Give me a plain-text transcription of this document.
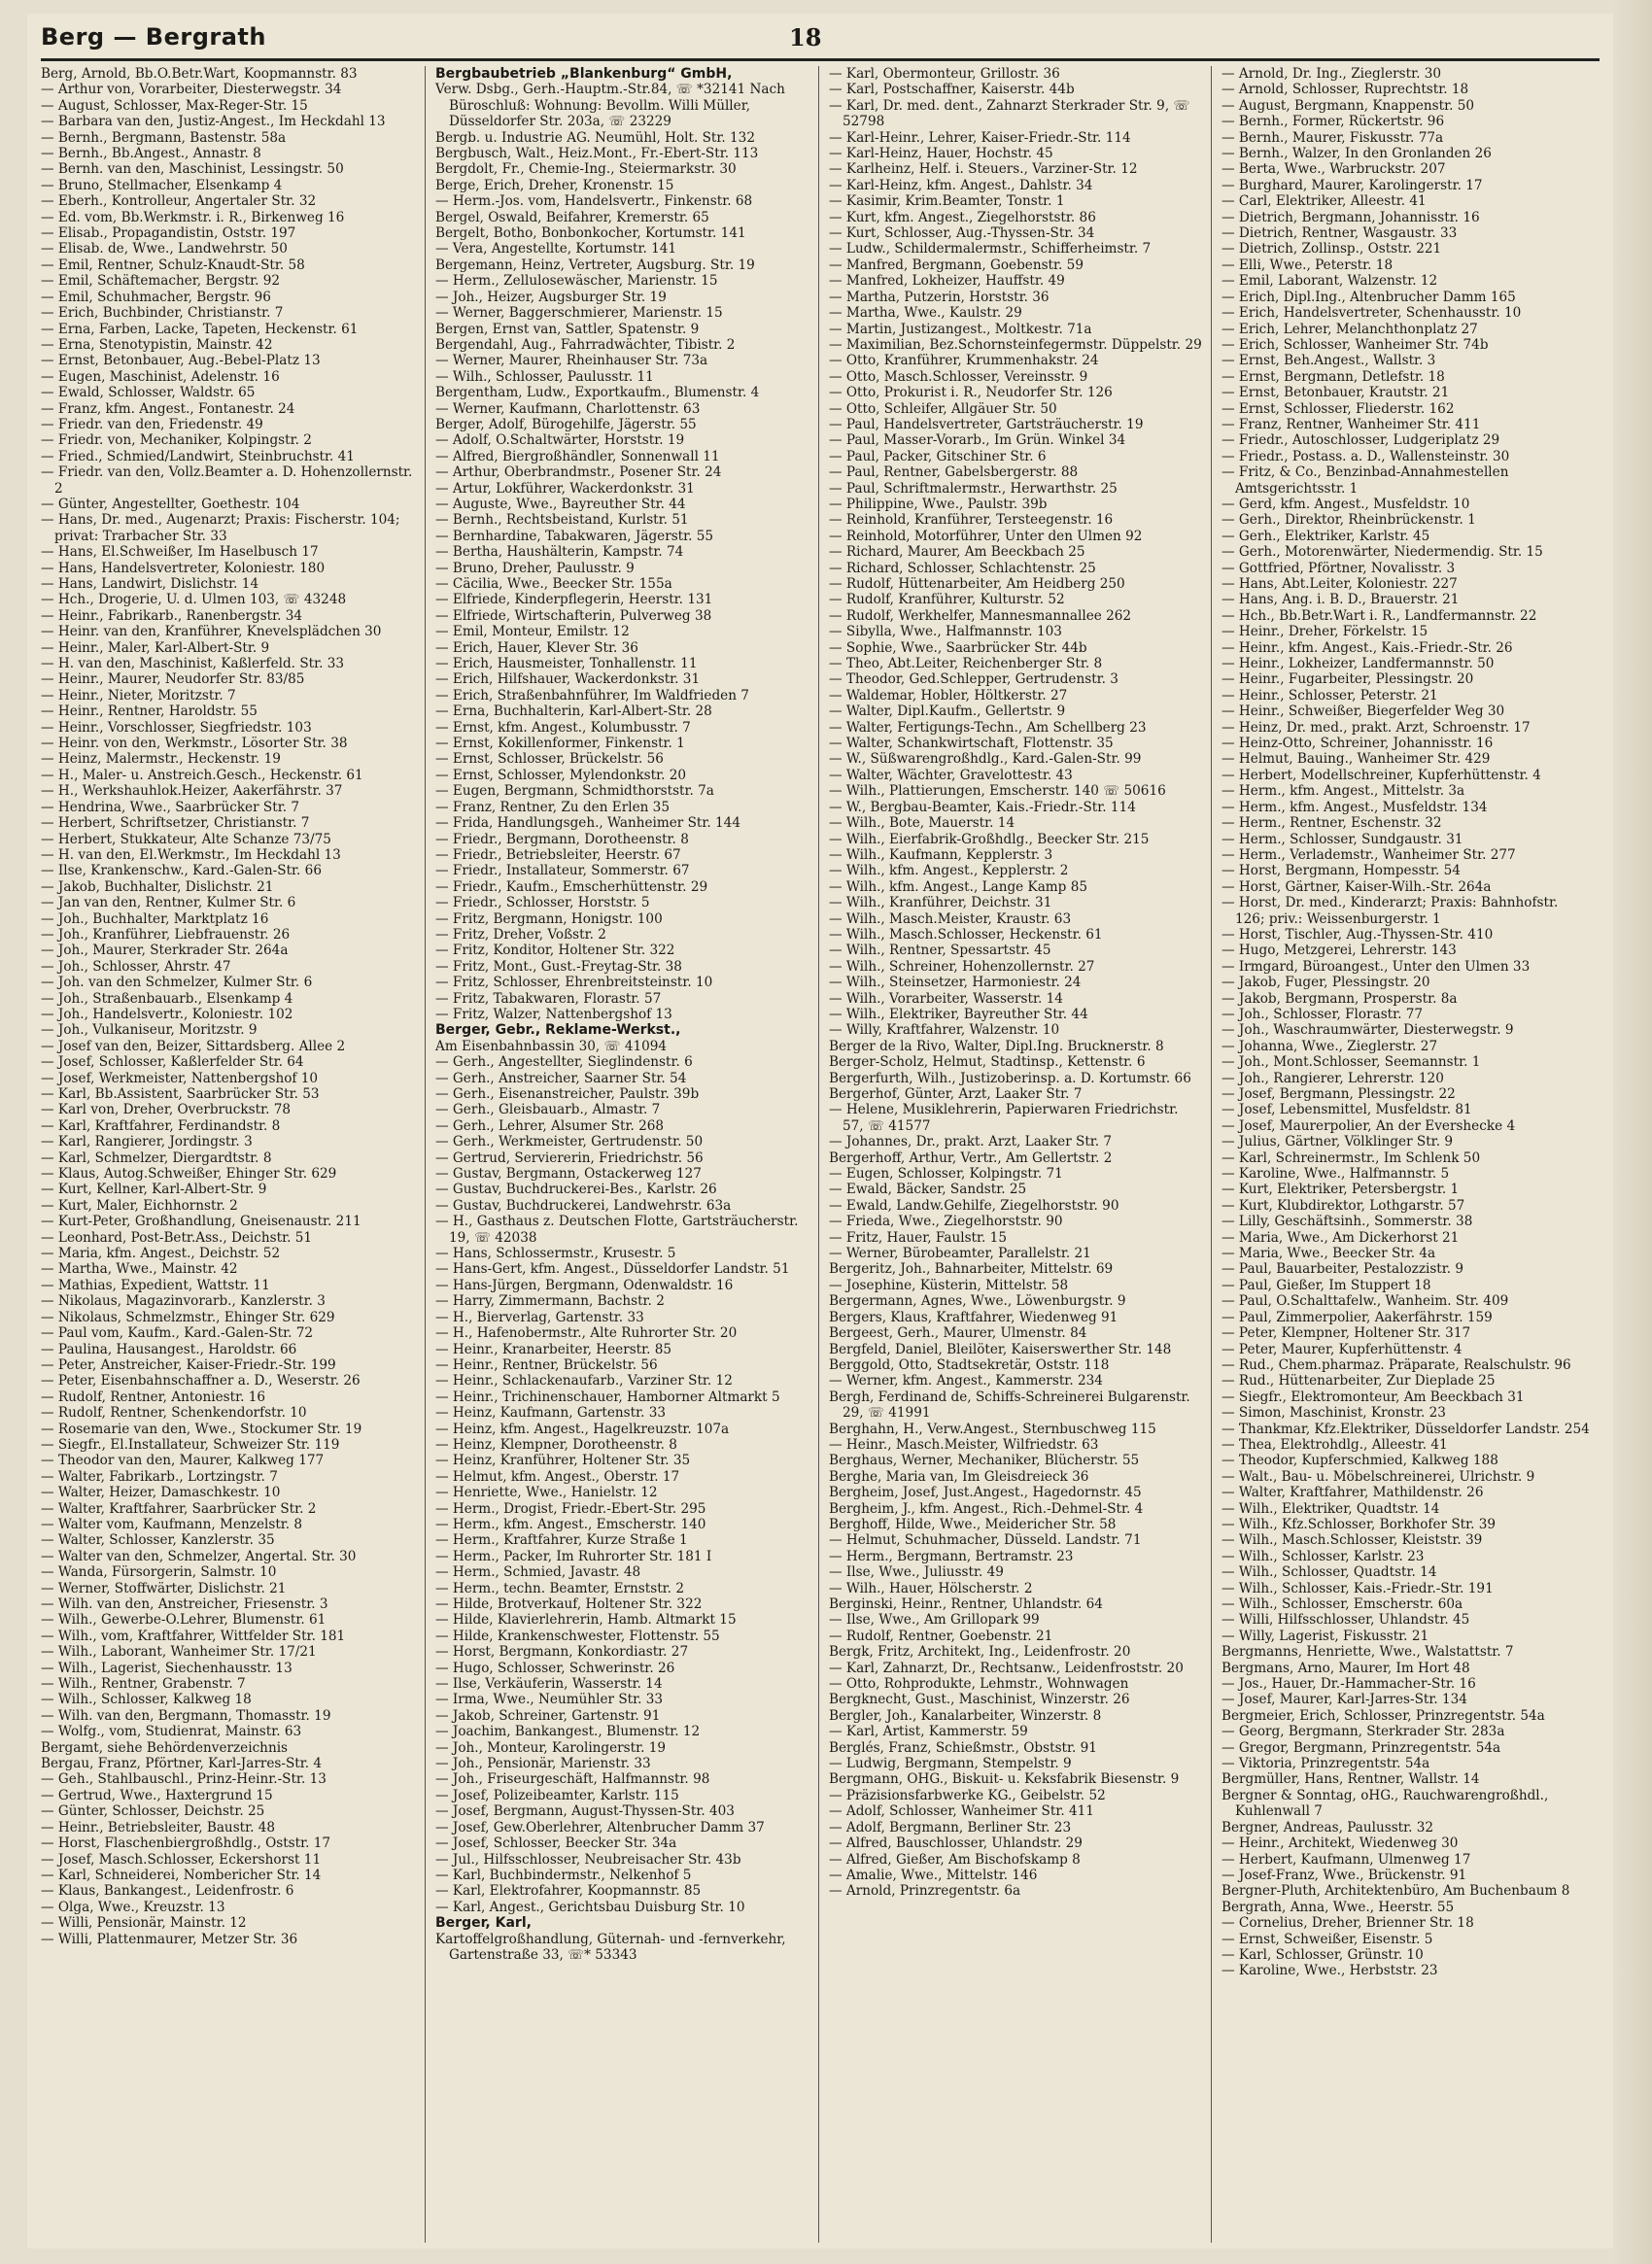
Berg — Bergrath	18
Berg, Arnold, Bb.O.Betr.Wart, Koopmannstr. 83
— Arthur von, Vorarbeiter, Diesterwegstr. 34
— August, Schlosser, Max-Reger-Str. 15
— Barbara van den, Justiz-Angest., Im Heckdahl 13
— Bernh., Bergmann, Bastenstr. 58a
— Bernh., Bb.Angest., Annastr. 8
— Bernh. van den, Maschinist, Lessingstr. 50
— Bruno, Stellmacher, Elsenkamp 4
— Eberh., Kontrolleur, Angertaler Str. 32
— Ed. vom, Bb.Werkmstr. i. R., Birkenweg 16
— Elisab., Propagandistin, Oststr. 197
— Elisab. de, Wwe., Landwehrstr. 50
— Emil, Rentner, Schulz-Knaudt-Str. 58
— Emil, Schäftemacher, Bergstr. 92
— Emil, Schuhmacher, Bergstr. 96
— Erich, Buchbinder, Christianstr. 7
— Erna, Farben, Lacke, Tapeten, Heckenstr. 61
— Erna, Stenotypistin, Mainstr. 42
— Ernst, Betonbauer, Aug.-Bebel-Platz 13
— Eugen, Maschinist, Adelenstr. 16
— Ewald, Schlosser, Waldstr. 65
— Franz, kfm. Angest., Fontanestr. 24
— Friedr. van den, Friedenstr. 49
— Friedr. von, Mechaniker, Kolpingstr. 2
— Fried., Schmied/Landwirt, Steinbruchstr. 41
— Friedr. van den, Vollz.Beamter a. D. Hohenzollernstr. 2
— Günter, Angestellter, Goethestr. 104
— Hans, Dr. med., Augenarzt; Praxis: Fischerstr. 104; privat: Trarbacher Str. 33
— Hans, El.Schweißer, Im Haselbusch 17
— Hans, Handelsvertreter, Koloniestr. 180
— Hans, Landwirt, Dislichstr. 14
— Hch., Drogerie, U. d. Ulmen 103, ☏ 43248
— Heinr., Fabrikarb., Ranenbergstr. 34
— Heinr. van den, Kranführer, Knevelsplädchen 30
— Heinr., Maler, Karl-Albert-Str. 9
— H. van den, Maschinist, Kaßlerfeld. Str. 33
— Heinr., Maurer, Neudorfer Str. 83/85
— Heinr., Nieter, Moritzstr. 7
— Heinr., Rentner, Haroldstr. 55
— Heinr., Vorschlosser, Siegfriedstr. 103
— Heinr. von den, Werkmstr., Lösorter Str. 38
— Heinz, Malermstr., Heckenstr. 19
— H., Maler- u. Anstreich.Gesch., Heckenstr. 61
— H., Werkshauhlok.Heizer, Aakerfährstr. 37
— Hendrina, Wwe., Saarbrücker Str. 7
— Herbert, Schriftsetzer, Christianstr. 7
— Herbert, Stukkateur, Alte Schanze 73/75
— H. van den, El.Werkmstr., Im Heckdahl 13
— Ilse, Krankenschw., Kard.-Galen-Str. 66
— Jakob, Buchhalter, Dislichstr. 21
— Jan van den, Rentner, Kulmer Str. 6
— Joh., Buchhalter, Marktplatz 16
— Joh., Kranführer, Liebfrauenstr. 26
— Joh., Maurer, Sterkrader Str. 264a
— Joh., Schlosser, Ahrstr. 47
— Joh. van den Schmelzer, Kulmer Str. 6
— Joh., Straßenbauarb., Elsenkamp 4
— Joh., Handelsvertr., Koloniestr. 102
— Joh., Vulkaniseur, Moritzstr. 9
— Josef van den, Beizer, Sittardsberg. Allee 2
— Josef, Schlosser, Kaßlerfelder Str. 64
— Josef, Werkmeister, Nattenbergshof 10
— Karl, Bb.Assistent, Saarbrücker Str. 53
— Karl von, Dreher, Overbruckstr. 78
— Karl, Kraftfahrer, Ferdinandstr. 8
— Karl, Rangierer, Jordingstr. 3
— Karl, Schmelzer, Diergardtstr. 8
— Klaus, Autog.Schweißer, Ehinger Str. 629
— Kurt, Kellner, Karl-Albert-Str. 9
— Kurt, Maler, Eichhornstr. 2
— Kurt-Peter, Großhandlung, Gneisenaustr. 211
— Leonhard, Post-Betr.Ass., Deichstr. 51
— Maria, kfm. Angest., Deichstr. 52
— Martha, Wwe., Mainstr. 42
— Mathias, Expedient, Wattstr. 11
— Nikolaus, Magazinvorarb., Kanzlerstr. 3
— Nikolaus, Schmelzmstr., Ehinger Str. 629
— Paul vom, Kaufm., Kard.-Galen-Str. 72
— Paulina, Hausangest., Haroldstr. 66
— Peter, Anstreicher, Kaiser-Friedr.-Str. 199
— Peter, Eisenbahnschaffner a. D., Weserstr. 26
— Rudolf, Rentner, Antoniestr. 16
— Rudolf, Rentner, Schenkendorfstr. 10
— Rosemarie van den, Wwe., Stockumer Str. 19
— Siegfr., El.Installateur, Schweizer Str. 119
— Theodor van den, Maurer, Kalkweg 177
— Walter, Fabrikarb., Lortzingstr. 7
— Walter, Heizer, Damaschkestr. 10
— Walter, Kraftfahrer, Saarbrücker Str. 2
— Walter vom, Kaufmann, Menzelstr. 8
— Walter, Schlosser, Kanzlerstr. 35
— Walter van den, Schmelzer, Angertal. Str. 30
— Wanda, Fürsorgerin, Salmstr. 10
— Werner, Stoffwärter, Dislichstr. 21
— Wilh. van den, Anstreicher, Friesenstr. 3
— Wilh., Gewerbe-O.Lehrer, Blumenstr. 61
— Wilh., vom, Kraftfahrer, Wittfelder Str. 181
— Wilh., Laborant, Wanheimer Str. 17/21
— Wilh., Lagerist, Siechenhausstr. 13
— Wilh., Rentner, Grabenstr. 7
— Wilh., Schlosser, Kalkweg 18
— Wilh. van den, Bergmann, Thomasstr. 19
— Wolfg., vom, Studienrat, Mainstr. 63
Bergamt, siehe Behördenverzeichnis
Bergau, Franz, Pförtner, Karl-Jarres-Str. 4
— Geh., Stahlbauschl., Prinz-Heinr.-Str. 13
— Gertrud, Wwe., Haxtergrund 15
— Günter, Schlosser, Deichstr. 25
— Heinr., Betriebsleiter, Baustr. 48
— Horst, Flaschenbiergroßhdlg., Oststr. 17
— Josef, Masch.Schlosser, Eckershorst 11
— Karl, Schneiderei, Nombericher Str. 14
— Klaus, Bankangest., Leidenfrostr. 6
— Olga, Wwe., Kreuzstr. 13
— Willi, Pensionär, Mainstr. 12
— Willi, Plattenmaurer, Metzer Str. 36
Bergbaubetrieb „Blankenburg“ GmbH,
Verw. Dsbg., Gerh.-Hauptm.-Str.84, ☏ *32141 Nach Büroschluß: Wohnung: Bevollm. Willi Müller, Düsseldorfer Str. 203a, ☏ 23229
Bergb. u. Industrie AG. Neumühl, Holt. Str. 132
Bergbusch, Walt., Heiz.Mont., Fr.-Ebert-Str. 113
Bergdolt, Fr., Chemie-Ing., Steiermarkstr. 30
Berge, Erich, Dreher, Kronenstr. 15
— Herm.-Jos. vom, Handelsvertr., Finkenstr. 68
Bergel, Oswald, Beifahrer, Kremerstr. 65
Bergelt, Botho, Bonbonkocher, Kortumstr. 141
— Vera, Angestellte, Kortumstr. 141
Bergemann, Heinz, Vertreter, Augsburg. Str. 19
— Herm., Zellulosewäscher, Marienstr. 15
— Joh., Heizer, Augsburger Str. 19
— Werner, Baggerschmierer, Marienstr. 15
Bergen, Ernst van, Sattler, Spatenstr. 9
Bergendahl, Aug., Fahrradwächter, Tibistr. 2
— Werner, Maurer, Rheinhauser Str. 73a
— Wilh., Schlosser, Paulusstr. 11
Bergentham, Ludw., Exportkaufm., Blumenstr. 4
— Werner, Kaufmann, Charlottenstr. 63
Berger, Adolf, Bürogehilfe, Jägerstr. 55
— Adolf, O.Schaltwärter, Horststr. 19
— Alfred, Biergroßhändler, Sonnenwall 11
— Arthur, Oberbrandmstr., Posener Str. 24
— Artur, Lokführer, Wackerdonkstr. 31
— Auguste, Wwe., Bayreuther Str. 44
— Bernh., Rechtsbeistand, Kurlstr. 51
— Bernhardine, Tabakwaren, Jägerstr. 55
— Bertha, Haushälterin, Kampstr. 74
— Bruno, Dreher, Paulusstr. 9
— Cäcilia, Wwe., Beecker Str. 155a
— Elfriede, Kinderpflegerin, Heerstr. 131
— Elfriede, Wirtschafterin, Pulverweg 38
— Emil, Monteur, Emilstr. 12
— Erich, Hauer, Klever Str. 36
— Erich, Hausmeister, Tonhallenstr. 11
— Erich, Hilfshauer, Wackerdonkstr. 31
— Erich, Straßenbahnführer, Im Waldfrieden 7
— Erna, Buchhalterin, Karl-Albert-Str. 28
— Ernst, kfm. Angest., Kolumbusstr. 7
— Ernst, Kokillenformer, Finkenstr. 1
— Ernst, Schlosser, Brückelstr. 56
— Ernst, Schlosser, Mylendonkstr. 20
— Eugen, Bergmann, Schmidthorststr. 7a
— Franz, Rentner, Zu den Erlen 35
— Frida, Handlungsgeh., Wanheimer Str. 144
— Friedr., Bergmann, Dorotheenstr. 8
— Friedr., Betriebsleiter, Heerstr. 67
— Friedr., Installateur, Sommerstr. 67
— Friedr., Kaufm., Emscherhüttenstr. 29
— Friedr., Schlosser, Horststr. 5
— Fritz, Bergmann, Honigstr. 100
— Fritz, Dreher, Voßstr. 2
— Fritz, Konditor, Holtener Str. 322
— Fritz, Mont., Gust.-Freytag-Str. 38
— Fritz, Schlosser, Ehrenbreitsteinstr. 10
— Fritz, Tabakwaren, Florastr. 57
— Fritz, Walzer, Nattenbergshof 13
Berger, Gebr., Reklame-Werkst.,
Am Eisenbahnbassin 30, ☏ 41094
— Gerh., Angestellter, Sieglindenstr. 6
— Gerh., Anstreicher, Saarner Str. 54
— Gerh., Eisenanstreicher, Paulstr. 39b
— Gerh., Gleisbauarb., Almastr. 7
— Gerh., Lehrer, Alsumer Str. 268
— Gerh., Werkmeister, Gertrudenstr. 50
— Gertrud, Serviererin, Friedrichstr. 56
— Gustav, Bergmann, Ostackerweg 127
— Gustav, Buchdruckerei-Bes., Karlstr. 26
— Gustav, Buchdruckerei, Landwehrstr. 63a
— H., Gasthaus z. Deutschen Flotte, Gartsträucherstr. 19, ☏ 42038
— Hans, Schlossermstr., Krusestr. 5
— Hans-Gert, kfm. Angest., Düsseldorfer Landstr. 51
— Hans-Jürgen, Bergmann, Odenwaldstr. 16
— Harry, Zimmermann, Bachstr. 2
— H., Bierverlag, Gartenstr. 33
— H., Hafenobermstr., Alte Ruhrorter Str. 20
— Heinr., Kranarbeiter, Heerstr. 85
— Heinr., Rentner, Brückelstr. 56
— Heinr., Schlackenaufarb., Varziner Str. 12
— Heinr., Trichinenschauer, Hamborner Altmarkt 5
— Heinz, Kaufmann, Gartenstr. 33
— Heinz, kfm. Angest., Hagelkreuzstr. 107a
— Heinz, Klempner, Dorotheenstr. 8
— Heinz, Kranführer, Holtener Str. 35
— Helmut, kfm. Angest., Oberstr. 17
— Henriette, Wwe., Hanielstr. 12
— Herm., Drogist, Friedr.-Ebert-Str. 295
— Herm., kfm. Angest., Emscherstr. 140
— Herm., Kraftfahrer, Kurze Straße 1
— Herm., Packer, Im Ruhrorter Str. 181 I
— Herm., Schmied, Javastr. 48
— Herm., techn. Beamter, Ernststr. 2
— Hilde, Brotverkauf, Holtener Str. 322
— Hilde, Klavierlehrerin, Hamb. Altmarkt 15
— Hilde, Krankenschwester, Flottenstr. 55
— Horst, Bergmann, Konkordiastr. 27
— Hugo, Schlosser, Schwerinstr. 26
— Ilse, Verkäuferin, Wasserstr. 14
— Irma, Wwe., Neumühler Str. 33
— Jakob, Schreiner, Gartenstr. 91
— Joachim, Bankangest., Blumenstr. 12
— Joh., Monteur, Karolingerstr. 19
— Joh., Pensionär, Marienstr. 33
— Joh., Friseurgeschäft, Halfmannstr. 98
— Josef, Polizeibeamter, Karlstr. 115
— Josef, Bergmann, August-Thyssen-Str. 403
— Josef, Gew.Oberlehrer, Altenbrucher Damm 37
— Josef, Schlosser, Beecker Str. 34a
— Jul., Hilfsschlosser, Neubreisacher Str. 43b
— Karl, Buchbindermstr., Nelkenhof 5
— Karl, Elektrofahrer, Koopmannstr. 85
— Karl, Angest., Gerichtsbau Duisburg Str. 10
Berger, Karl,
Kartoffelgroßhandlung, Güternah- und -fernverkehr, Gartenstraße 33, ☏* 53343
— Karl, Obermonteur, Grillostr. 36
— Karl, Postschaffner, Kaiserstr. 44b
— Karl, Dr. med. dent., Zahnarzt Sterkrader Str. 9, ☏ 52798
— Karl-Heinr., Lehrer, Kaiser-Friedr.-Str. 114
— Karl-Heinz, Hauer, Hochstr. 45
— Karlheinz, Helf. i. Steuers., Varziner-Str. 12
— Karl-Heinz, kfm. Angest., Dahlstr. 34
— Kasimir, Krim.Beamter, Tonstr. 1
— Kurt, kfm. Angest., Ziegelhorststr. 86
— Kurt, Schlosser, Aug.-Thyssen-Str. 34
— Ludw., Schildermalermstr., Schifferheimstr. 7
— Manfred, Bergmann, Goebenstr. 59
— Manfred, Lokheizer, Hauffstr. 49
— Martha, Putzerin, Horststr. 36
— Martha, Wwe., Kaulstr. 29
— Martin, Justizangest., Moltkestr. 71a
— Maximilian, Bez.Schornsteinfegermstr. Düppelstr. 29
— Otto, Kranführer, Krummenhakstr. 24
— Otto, Masch.Schlosser, Vereinsstr. 9
— Otto, Prokurist i. R., Neudorfer Str. 126
— Otto, Schleifer, Allgäuer Str. 50
— Paul, Handelsvertreter, Gartsträucherstr. 19
— Paul, Masser-Vorarb., Im Grün. Winkel 34
— Paul, Packer, Gitschiner Str. 6
— Paul, Rentner, Gabelsbergerstr. 88
— Paul, Schriftmalermstr., Herwarthstr. 25
— Philippine, Wwe., Paulstr. 39b
— Reinhold, Kranführer, Tersteegenstr. 16
— Reinhold, Motorführer, Unter den Ulmen 92
— Richard, Maurer, Am Beeckbach 25
— Richard, Schlosser, Schlachtenstr. 25
— Rudolf, Hüttenarbeiter, Am Heidberg 250
— Rudolf, Kranführer, Kulturstr. 52
— Rudolf, Werkhelfer, Mannesmannallee 262
— Sibylla, Wwe., Halfmannstr. 103
— Sophie, Wwe., Saarbrücker Str. 44b
— Theo, Abt.Leiter, Reichenberger Str. 8
— Theodor, Ged.Schlepper, Gertrudenstr. 3
— Waldemar, Hobler, Höltkerstr. 27
— Walter, Dipl.Kaufm., Gellertstr. 9
— Walter, Fertigungs-Techn., Am Schellberg 23
— Walter, Schankwirtschaft, Flottenstr. 35
— W., Süßwarengroßhdlg., Kard.-Galen-Str. 99
— Walter, Wächter, Gravelottestr. 43
— Wilh., Plattierungen, Emscherstr. 140 ☏ 50616
— W., Bergbau-Beamter, Kais.-Friedr.-Str. 114
— Wilh., Bote, Mauerstr. 14
— Wilh., Eierfabrik-Großhdlg., Beecker Str. 215
— Wilh., Kaufmann, Kepplerstr. 3
— Wilh., kfm. Angest., Kepplerstr. 2
— Wilh., kfm. Angest., Lange Kamp 85
— Wilh., Kranführer, Deichstr. 31
— Wilh., Masch.Meister, Kraustr. 63
— Wilh., Masch.Schlosser, Heckenstr. 61
— Wilh., Rentner, Spessartstr. 45
— Wilh., Schreiner, Hohenzollernstr. 27
— Wilh., Steinsetzer, Harmoniestr. 24
— Wilh., Vorarbeiter, Wasserstr. 14
— Wilh., Elektriker, Bayreuther Str. 44
— Willy, Kraftfahrer, Walzenstr. 10
Berger de la Rivo, Walter, Dipl.Ing. Brucknerstr. 8
Berger-Scholz, Helmut, Stadtinsp., Kettenstr. 6
Bergerfurth, Wilh., Justizoberinsp. a. D. Kortumstr. 66
Bergerhof, Günter, Arzt, Laaker Str. 7
— Helene, Musiklehrerin, Papierwaren Friedrichstr. 57, ☏ 41577
— Johannes, Dr., prakt. Arzt, Laaker Str. 7
Bergerhoff, Arthur, Vertr., Am Gellertstr. 2
— Eugen, Schlosser, Kolpingstr. 71
— Ewald, Bäcker, Sandstr. 25
— Ewald, Landw.Gehilfe, Ziegelhorststr. 90
— Frieda, Wwe., Ziegelhorststr. 90
— Fritz, Hauer, Faulstr. 15
— Werner, Bürobeamter, Parallelstr. 21
Bergeritz, Joh., Bahnarbeiter, Mittelstr. 69
— Josephine, Küsterin, Mittelstr. 58
Bergermann, Agnes, Wwe., Löwenburgstr. 9
Bergers, Klaus, Kraftfahrer, Wiedenweg 91
Bergeest, Gerh., Maurer, Ulmenstr. 84
Bergfeld, Daniel, Bleilöter, Kaiserswerther Str. 148
Berggold, Otto, Stadtsekretär, Oststr. 118
— Werner, kfm. Angest., Kammerstr. 234
Bergh, Ferdinand de, Schiffs-Schreinerei Bulgarenstr. 29, ☏ 41991
Berghahn, H., Verw.Angest., Sternbuschweg 115
— Heinr., Masch.Meister, Wilfriedstr. 63
Berghaus, Werner, Mechaniker, Blücherstr. 55
Berghe, Maria van, Im Gleisdreieck 36
Bergheim, Josef, Just.Angest., Hagedornstr. 45
Bergheim, J., kfm. Angest., Rich.-Dehmel-Str. 4
Berghoff, Hilde, Wwe., Meidericher Str. 58
— Helmut, Schuhmacher, Düsseld. Landstr. 71
— Herm., Bergmann, Bertramstr. 23
— Ilse, Wwe., Juliusstr. 49
— Wilh., Hauer, Hölscherstr. 2
Berginski, Heinr., Rentner, Uhlandstr. 64
— Ilse, Wwe., Am Grillopark 99
— Rudolf, Rentner, Goebenstr. 21
Bergk, Fritz, Architekt, Ing., Leidenfrostr. 20
— Karl, Zahnarzt, Dr., Rechtsanw., Leidenfroststr. 20
— Otto, Rohprodukte, Lehmstr., Wohnwagen
Bergknecht, Gust., Maschinist, Winzerstr. 26
Bergler, Joh., Kanalarbeiter, Winzerstr. 8
— Karl, Artist, Kammerstr. 59
Berglés, Franz, Schießmstr., Obststr. 91
— Ludwig, Bergmann, Stempelstr. 9
Bergmann, OHG., Biskuit- u. Keksfabrik Biesenstr. 9
— Präzisionsfarbwerke KG., Geibelstr. 52
— Adolf, Schlosser, Wanheimer Str. 411
— Adolf, Bergmann, Berliner Str. 23
— Alfred, Bauschlosser, Uhlandstr. 29
— Alfred, Gießer, Am Bischofskamp 8
— Amalie, Wwe., Mittelstr. 146
— Arnold, Prinzregentstr. 6a
— Arnold, Dr. Ing., Zieglerstr. 30
— Arnold, Schlosser, Ruprechtstr. 18
— August, Bergmann, Knappenstr. 50
— Bernh., Former, Rückertstr. 96
— Bernh., Maurer, Fiskusstr. 77a
— Bernh., Walzer, In den Gronlanden 26
— Berta, Wwe., Warbruckstr. 207
— Burghard, Maurer, Karolingerstr. 17
— Carl, Elektriker, Alleestr. 41
— Dietrich, Bergmann, Johannisstr. 16
— Dietrich, Rentner, Wasgaustr. 33
— Dietrich, Zollinsp., Oststr. 221
— Elli, Wwe., Peterstr. 18
— Emil, Laborant, Walzenstr. 12
— Erich, Dipl.Ing., Altenbrucher Damm 165
— Erich, Handelsvertreter, Schenhausstr. 10
— Erich, Lehrer, Melanchthonplatz 27
— Erich, Schlosser, Wanheimer Str. 74b
— Ernst, Beh.Angest., Wallstr. 3
— Ernst, Bergmann, Detlefstr. 18
— Ernst, Betonbauer, Krautstr. 21
— Ernst, Schlosser, Fliederstr. 162
— Franz, Rentner, Wanheimer Str. 411
— Friedr., Autoschlosser, Ludgeriplatz 29
— Friedr., Postass. a. D., Wallensteinstr. 30
— Fritz, & Co., Benzinbad-Annahmestellen Amtsgerichtsstr. 1
— Gerd, kfm. Angest., Musfeldstr. 10
— Gerh., Direktor, Rheinbrückenstr. 1
— Gerh., Elektriker, Karlstr. 45
— Gerh., Motorenwärter, Niedermendig. Str. 15
— Gottfried, Pförtner, Novalisstr. 3
— Hans, Abt.Leiter, Koloniestr. 227
— Hans, Ang. i. B. D., Brauerstr. 21
— Hch., Bb.Betr.Wart i. R., Landfermannstr. 22
— Heinr., Dreher, Förkelstr. 15
— Heinr., kfm. Angest., Kais.-Friedr.-Str. 26
— Heinr., Lokheizer, Landfermannstr. 50
— Heinr., Fugarbeiter, Plessingstr. 20
— Heinr., Schlosser, Peterstr. 21
— Heinr., Schweißer, Biegerfelder Weg 30
— Heinz, Dr. med., prakt. Arzt, Schroenstr. 17
— Heinz-Otto, Schreiner, Johannisstr. 16
— Helmut, Bauing., Wanheimer Str. 429
— Herbert, Modellschreiner, Kupferhüttenstr. 4
— Herm., kfm. Angest., Mittelstr. 3a
— Herm., kfm. Angest., Musfeldstr. 134
— Herm., Rentner, Eschenstr. 32
— Herm., Schlosser, Sundgaustr. 31
— Herm., Verlademstr., Wanheimer Str. 277
— Horst, Bergmann, Hompesstr. 54
— Horst, Gärtner, Kaiser-Wilh.-Str. 264a
— Horst, Dr. med., Kinderarzt; Praxis: Bahnhofstr. 126; priv.: Weissenburgerstr. 1
— Horst, Tischler, Aug.-Thyssen-Str. 410
— Hugo, Metzgerei, Lehrerstr. 143
— Irmgard, Büroangest., Unter den Ulmen 33
— Jakob, Fuger, Plessingstr. 20
— Jakob, Bergmann, Prosperstr. 8a
— Joh., Schlosser, Florastr. 77
— Joh., Waschraumwärter, Diesterwegstr. 9
— Johanna, Wwe., Zieglerstr. 27
— Joh., Mont.Schlosser, Seemannstr. 1
— Joh., Rangierer, Lehrerstr. 120
— Josef, Bergmann, Plessingstr. 22
— Josef, Lebensmittel, Musfeldstr. 81
— Josef, Maurerpolier, An der Evershecke 4
— Julius, Gärtner, Völklinger Str. 9
— Karl, Schreinermstr., Im Schlenk 50
— Karoline, Wwe., Halfmannstr. 5
— Kurt, Elektriker, Petersbergstr. 1
— Kurt, Klubdirektor, Lothgarstr. 57
— Lilly, Geschäftsinh., Sommerstr. 38
— Maria, Wwe., Am Dickerhorst 21
— Maria, Wwe., Beecker Str. 4a
— Paul, Bauarbeiter, Pestalozzistr. 9
— Paul, Gießer, Im Stuppert 18
— Paul, O.Schalttafelw., Wanheim. Str. 409
— Paul, Zimmerpolier, Aakerfährstr. 159
— Peter, Klempner, Holtener Str. 317
— Peter, Maurer, Kupferhüttenstr. 4
— Rud., Chem.pharmaz. Präparate, Realschulstr. 96
— Rud., Hüttenarbeiter, Zur Dieplade 25
— Siegfr., Elektromonteur, Am Beeckbach 31
— Simon, Maschinist, Kronstr. 23
— Thankmar, Kfz.Elektriker, Düsseldorfer Landstr. 254
— Thea, Elektrohdlg., Alleestr. 41
— Theodor, Kupferschmied, Kalkweg 188
— Walt., Bau- u. Möbelschreinerei, Ulrichstr. 9
— Walter, Kraftfahrer, Mathildenstr. 26
— Wilh., Elektriker, Quadtstr. 14
— Wilh., Kfz.Schlosser, Borkhofer Str. 39
— Wilh., Masch.Schlosser, Kleiststr. 39
— Wilh., Schlosser, Karlstr. 23
— Wilh., Schlosser, Quadtstr. 14
— Wilh., Schlosser, Kais.-Friedr.-Str. 191
— Wilh., Schlosser, Emscherstr. 60a
— Willi, Hilfsschlosser, Uhlandstr. 45
— Willy, Lagerist, Fiskusstr. 21
Bergmanns, Henriette, Wwe., Walstattstr. 7
Bergmans, Arno, Maurer, Im Hort 48
— Jos., Hauer, Dr.-Hammacher-Str. 16
— Josef, Maurer, Karl-Jarres-Str. 134
Bergmeier, Erich, Schlosser, Prinzregentstr. 54a
— Georg, Bergmann, Sterkrader Str. 283a
— Gregor, Bergmann, Prinzregentstr. 54a
— Viktoria, Prinzregentstr. 54a
Bergmüller, Hans, Rentner, Wallstr. 14
Bergner & Sonntag, oHG., Rauchwarengroßhdl., Kuhlenwall 7
Bergner, Andreas, Paulusstr. 32
— Heinr., Architekt, Wiedenweg 30
— Herbert, Kaufmann, Ulmenweg 17
— Josef-Franz, Wwe., Brückenstr. 91
Bergner-Pluth, Architektenbüro, Am Buchenbaum 8
Bergrath, Anna, Wwe., Heerstr. 55
— Cornelius, Dreher, Brienner Str. 18
— Ernst, Schweißer, Eisenstr. 5
— Karl, Schlosser, Grünstr. 10
— Karoline, Wwe., Herbststr. 23
